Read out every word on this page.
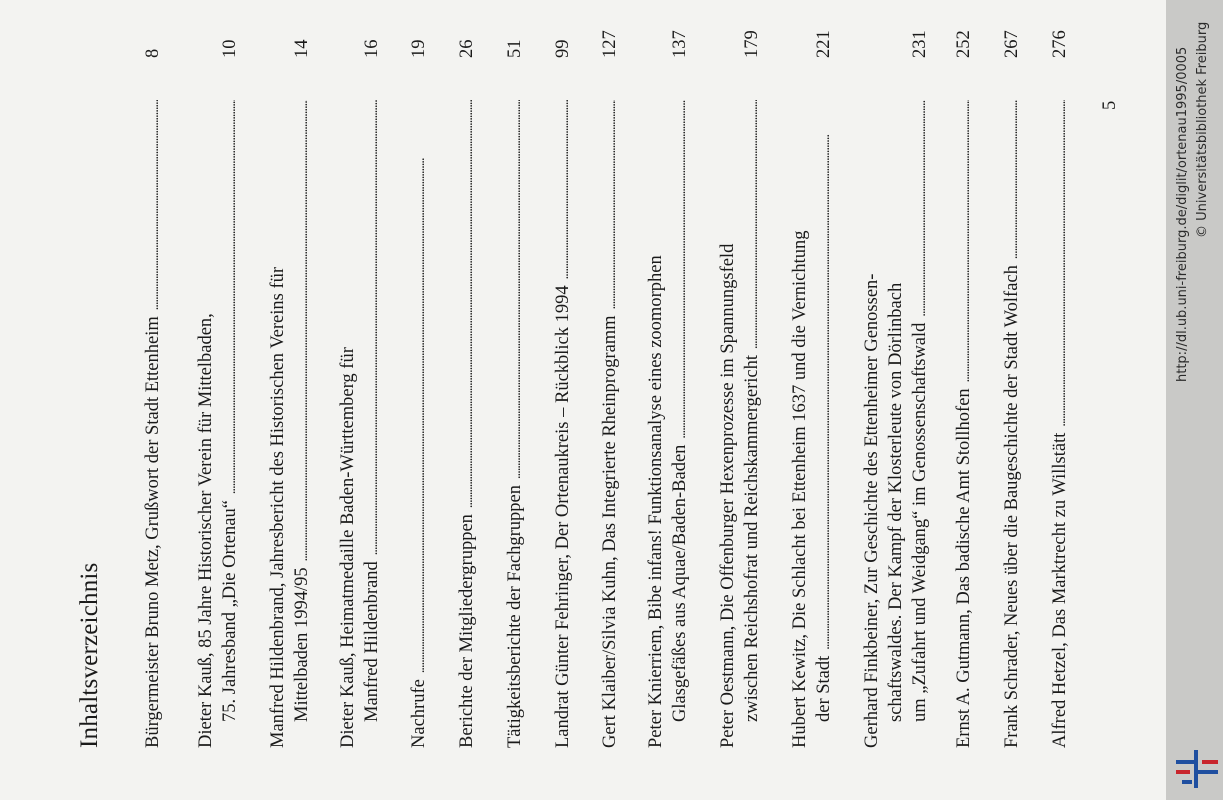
Inhaltsverzeichnis Bürgermeister Bruno Metz, Grußwort der Stadt Ettenheim
. . .
8
Dieter Kauß, 85 Jahre Historischer Verein für Mittelbaden, 75. Jahresband „Die Ortenau“
. . .
10
Manfred Hildenbrand, Jahresbericht des Historischen Vereins für Mittelbaden 1994/95
. . .
14
Dieter Kauß, Heimatmedaille Baden-Württemberg für Manfred Hildenbrand
. . .
16
Nachrufe
. . .
19
Berichte der Mitgliedergruppen
. . .
26
Tätigkeitsberichte der Fachgruppen
. . .
51
Landrat Günter Fehringer, Der Ortenaukreis – Rückblick 1994
. . .
99
Gert Klaiber/Silvia Kuhn, Das Integrierte Rheinprogramm
. . .
127
Peter Knierriem, Bibe infans! Funktionsanalyse eines zoomorphen Glasgefäßes aus Aquae/Baden-Baden
. . .
137
Peter Oestmann, Die Offenburger Hexenprozesse im Spannungsfeld zwischen Reichshofrat und Reichskammergericht
. . .
179
Hubert Kewitz, Die Schlacht bei Ettenheim 1637 und die Vernichtung der Stadt
. . .
221
Gerhard Finkbeiner, Zur Geschichte des Ettenheimer Genossen- schaftswaldes. Der Kampf der Klosterleute von Dörlinbach um „Zufahrt und Weidgang“ im Genossenschaftswald
. . .
231
Ernst A. Gutmann, Das badische Amt Stollhofen
. . .
252
Frank Schrader, Neues über die Baugeschichte der Stadt Wolfach
. . .
267
Alfred Hetzel, Das Marktrecht zu Willstätt
. . .
276
5	http://dl.ub.uni-freiburg.de/diglit/ortenau1995/0005 © Universitätsbibliothek Freiburg
